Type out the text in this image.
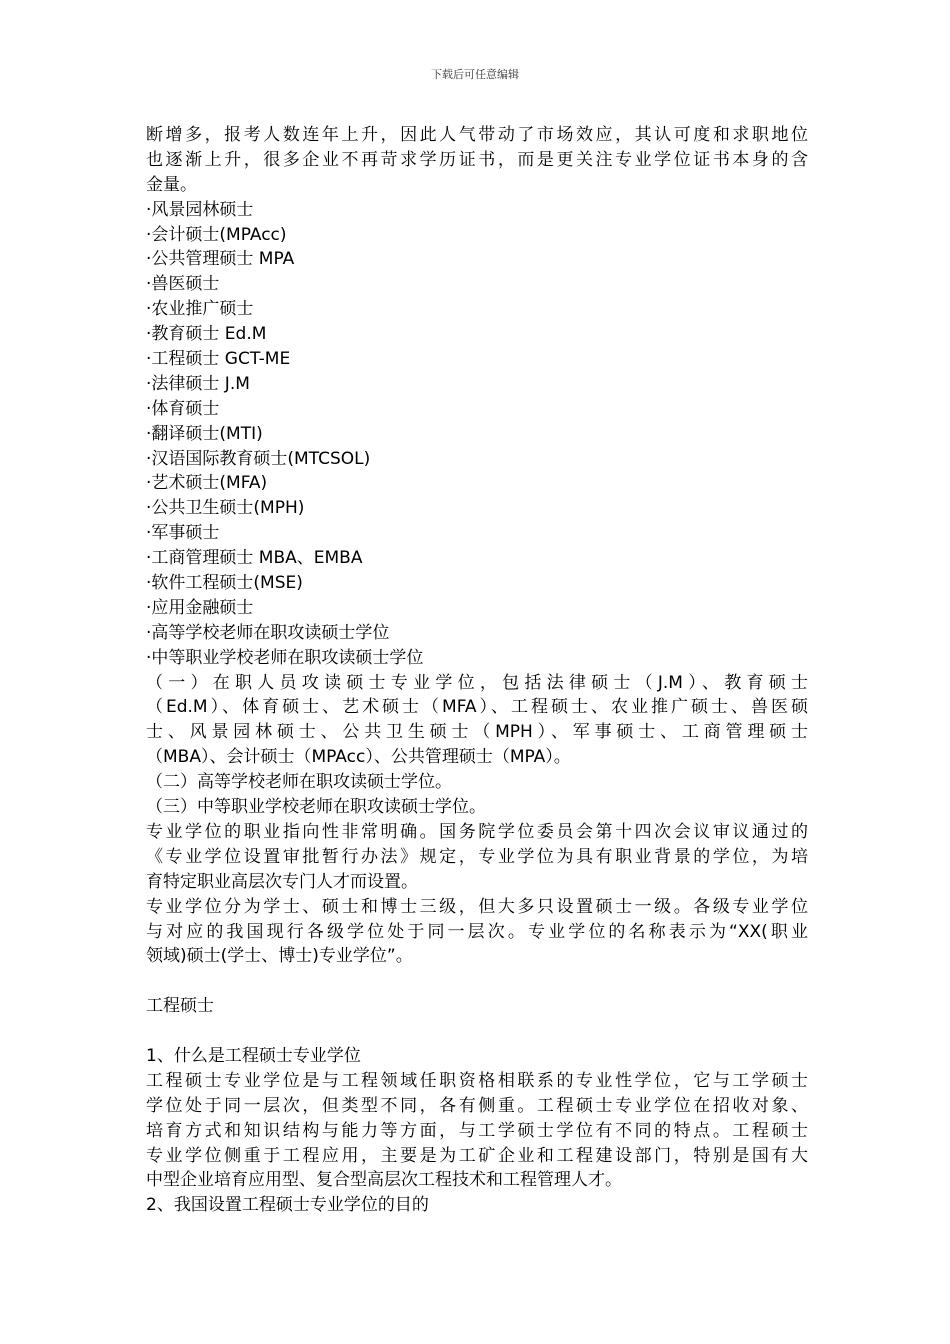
下载后可任意编辑
断增多，报考人数连年上升，因此人气带动了市场效应，其认可度和求职地位
也逐渐上升，很多企业不再苛求学历证书，而是更关注专业学位证书本身的含
金量。
·风景园林硕士
·会计硕士(MPAcc)
·公共管理硕士 MPA
·兽医硕士
·农业推广硕士
·教育硕士 Ed.M
·工程硕士 GCT-ME
·法律硕士 J.M
·体育硕士
·翻译硕士(MTI)
·汉语国际教育硕士(MTCSOL)
·艺术硕士(MFA)
·公共卫生硕士(MPH)
·军事硕士
·工商管理硕士 MBA、EMBA
·软件工程硕士(MSE)
·应用金融硕士
·高等学校老师在职攻读硕士学位
·中等职业学校老师在职攻读硕士学位
（一）在职人员攻读硕士专业学位，包括法律硕士（J.M）、教育硕士
（Ed.M）、体育硕士、艺术硕士（MFA）、工程硕士、农业推广硕士、兽医硕
士、风景园林硕士、公共卫生硕士（MPH）、军事硕士、工商管理硕士
（MBA）、会计硕士（MPAcc）、公共管理硕士（MPA）。
（二）高等学校老师在职攻读硕士学位。
（三）中等职业学校老师在职攻读硕士学位。
专业学位的职业指向性非常明确。国务院学位委员会第十四次会议审议通过的
《专业学位设置审批暂行办法》规定，专业学位为具有职业背景的学位，为培
育特定职业高层次专门人才而设置。
专业学位分为学士、硕士和博士三级，但大多只设置硕士一级。各级专业学位
与对应的我国现行各级学位处于同一层次。专业学位的名称表示为“XX(职业
领域)硕士(学士、博士)专业学位”。
工程硕士
1、什么是工程硕士专业学位
工程硕士专业学位是与工程领域任职资格相联系的专业性学位，它与工学硕士
学位处于同一层次，但类型不同，各有侧重。工程硕士专业学位在招收对象、
培育方式和知识结构与能力等方面，与工学硕士学位有不同的特点。工程硕士
专业学位侧重于工程应用，主要是为工矿企业和工程建设部门，特别是国有大
中型企业培育应用型、复合型高层次工程技术和工程管理人才。
2、我国设置工程硕士专业学位的目的
